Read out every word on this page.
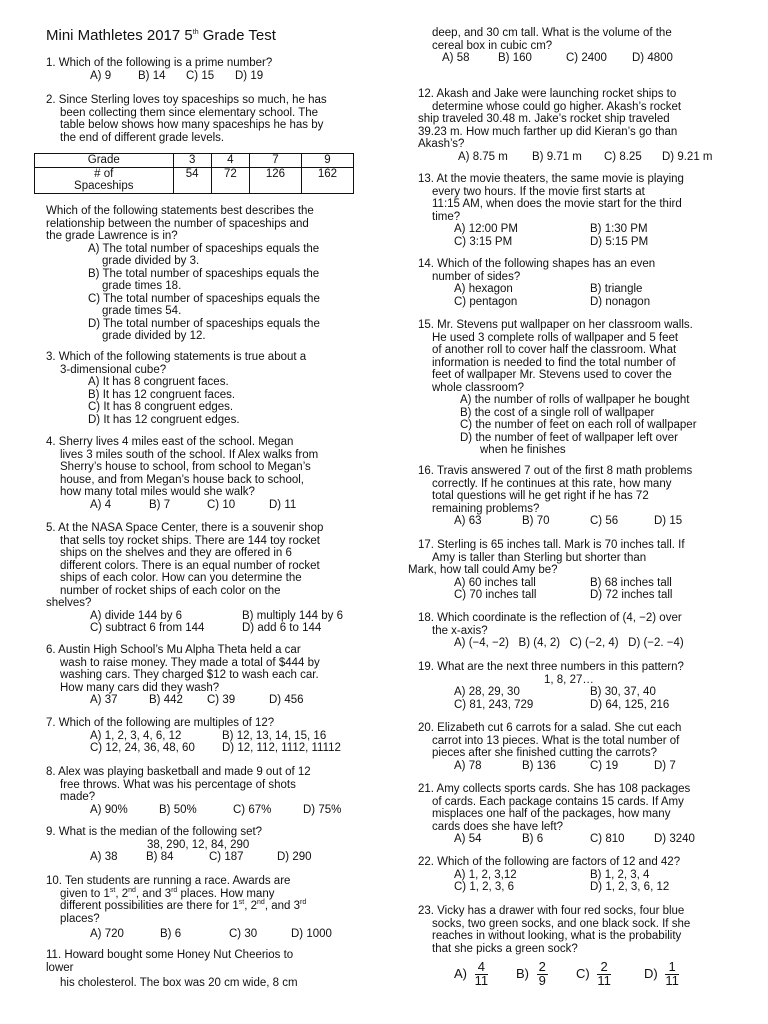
Mini Mathletes 2017 5th Grade Test
1. Which of the following is a prime number?
A) 9 B) 14 C) 15 D) 19
2. Since Sterling loves toy spaceships so much, he has
been collecting them since elementary school. The
table below shows how many spaceships he has by
the end of different grade levels.
Which of the following statements best describes the
relationship between the number of spaceships and
the grade Lawrence is in?
A) The total number of spaceships equals the
grade divided by 3.
B) The total number of spaceships equals the
grade times 18.
C) The total number of spaceships equals the
grade times 54.
D) The total number of spaceships equals the
grade divided by 12.
3. Which of the following statements is true about a
3-dimensional cube?
A) It has 8 congruent faces.
B) It has 12 congruent faces.
C) It has 8 congruent edges.
D) It has 12 congruent edges.
4. Sherry lives 4 miles east of the school. Megan
lives 3 miles south of the school. If Alex walks from
Sherry’s house to school, from school to Megan’s
house, and from Megan’s house back to school,
how many total miles would she walk?
A) 4	B) 7	C) 10	D) 11
5. At the NASA Space Center, there is a souvenir shop
that sells toy rocket ships. There are 144 toy rocket
ships on the shelves and they are offered in 6
different colors. There is an equal number of rocket
ships of each color. How can you determine the
number of rocket ships of each color on the
shelves?
A) divide 144 by 6	B) multiply 144 by 6
C) subtract 6 from 144	D) add 6 to 144
6. Austin High School’s Mu Alpha Theta held a car
wash to raise money. They made a total of $444 by
washing cars. They charged $12 to wash each car.
How many cars did they wash?
A) 37	B) 442 C) 39	D) 456
7. Which of the following are multiples of 12?
A) 1, 2, 3, 4, 6, 12	B) 12, 13, 14, 15, 16
C) 12, 24, 36, 48, 60 D) 12, 112, 1112, 11112
8. Alex was playing basketball and made 9 out of 12
free throws. What was his percentage of shots
made?
A) 90%	B) 50%	C) 67%	D) 75%
9. What is the median of the following set?
38, 290, 12, 84, 290
A) 38 B) 84	C) 187	D) 290
10. Ten students are running a race. Awards are
given to 1st, 2nd, and 3rd places. How many
different possibilities are there for 1st, 2nd, and 3rd
places?
A) 720	B) 6	C) 30	D) 1000
11. Howard bought some Honey Nut Cheerios to
lower
his cholesterol. The box was 20 cm wide, 8 cm
Grade	3	4	7	9
# of
Spaceships	54	72	126	162
deep, and 30 cm tall. What is the volume of the
cereal box in cubic cm?
A) 58 B) 160	C) 2400 D) 4800
12. Akash and Jake were launching rocket ships to
determine whose could go higher. Akash’s rocket
ship traveled 30.48 m. Jake’s rocket ship traveled
39.23 m. How much farther up did Kieran’s go than
Akash’s?
A) 8.75 m B) 9.71 m C) 8.25 D) 9.21 m
13. At the movie theaters, the same movie is playing
every two hours. If the movie first starts at
11:15 AM, when does the movie start for the third
time?
A) 12:00 PM	B) 1:30 PM
C) 3:15 PM	D) 5:15 PM
14. Which of the following shapes has an even
number of sides?
A) hexagon	B) triangle
C) pentagon	D) nonagon
15. Mr. Stevens put wallpaper on her classroom walls.
He used 3 complete rolls of wallpaper and 5 feet
of another roll to cover half the classroom. What
information is needed to find the total number of
feet of wallpaper Mr. Stevens used to cover the
whole classroom?
A) the number of rolls of wallpaper he bought
B) the cost of a single roll of wallpaper
C) the number of feet on each roll of wallpaper
D) the number of feet of wallpaper left over
when he finishes
16. Travis answered 7 out of the first 8 math problems
correctly. If he continues at this rate, how many
total questions will he get right if he has 72
remaining problems?
A) 63	B) 70	C) 56	D) 15
17. Sterling is 65 inches tall. Mark is 70 inches tall. If
Amy is taller than Sterling but shorter than
Mark, how tall could Amy be?
A) 60 inches tall	B) 68 inches tall
C) 70 inches tall	D) 72 inches tall
18. Which coordinate is the reflection of (4, −2) over
the x-axis?
A) (−4, −2)   B) (4, 2)   C) (−2, 4)   D) (−2. −4)
19. What are the next three numbers in this pattern?
1, 8, 27…
A) 28, 29, 30	B) 30, 37, 40
C) 81, 243, 729	D) 64, 125, 216
20. Elizabeth cut 6 carrots for a salad. She cut each
carrot into 13 pieces. What is the total number of
pieces after she finished cutting the carrots?
A) 78	B) 136	C) 19	D) 7
21. Amy collects sports cards. She has 108 packages
of cards. Each package contains 15 cards. If Amy
misplaces one half of the packages, how many
cards does she have left?
A) 54	B) 6	C) 810	D) 3240
22. Which of the following are factors of 12 and 42?
A) 1, 2, 3,12	B) 1, 2, 3, 4
C) 1, 2, 3, 6	D) 1, 2, 3, 6, 12
23. Vicky has a drawer with four red socks, four blue
socks, two green socks, and one black sock. If she
reaches in without looking, what is the probability
that she picks a green sock?
$A) \frac{4}{11} B) \frac{2}{9} C) \frac{2}{11}$	$D) \frac{1}{11}$
